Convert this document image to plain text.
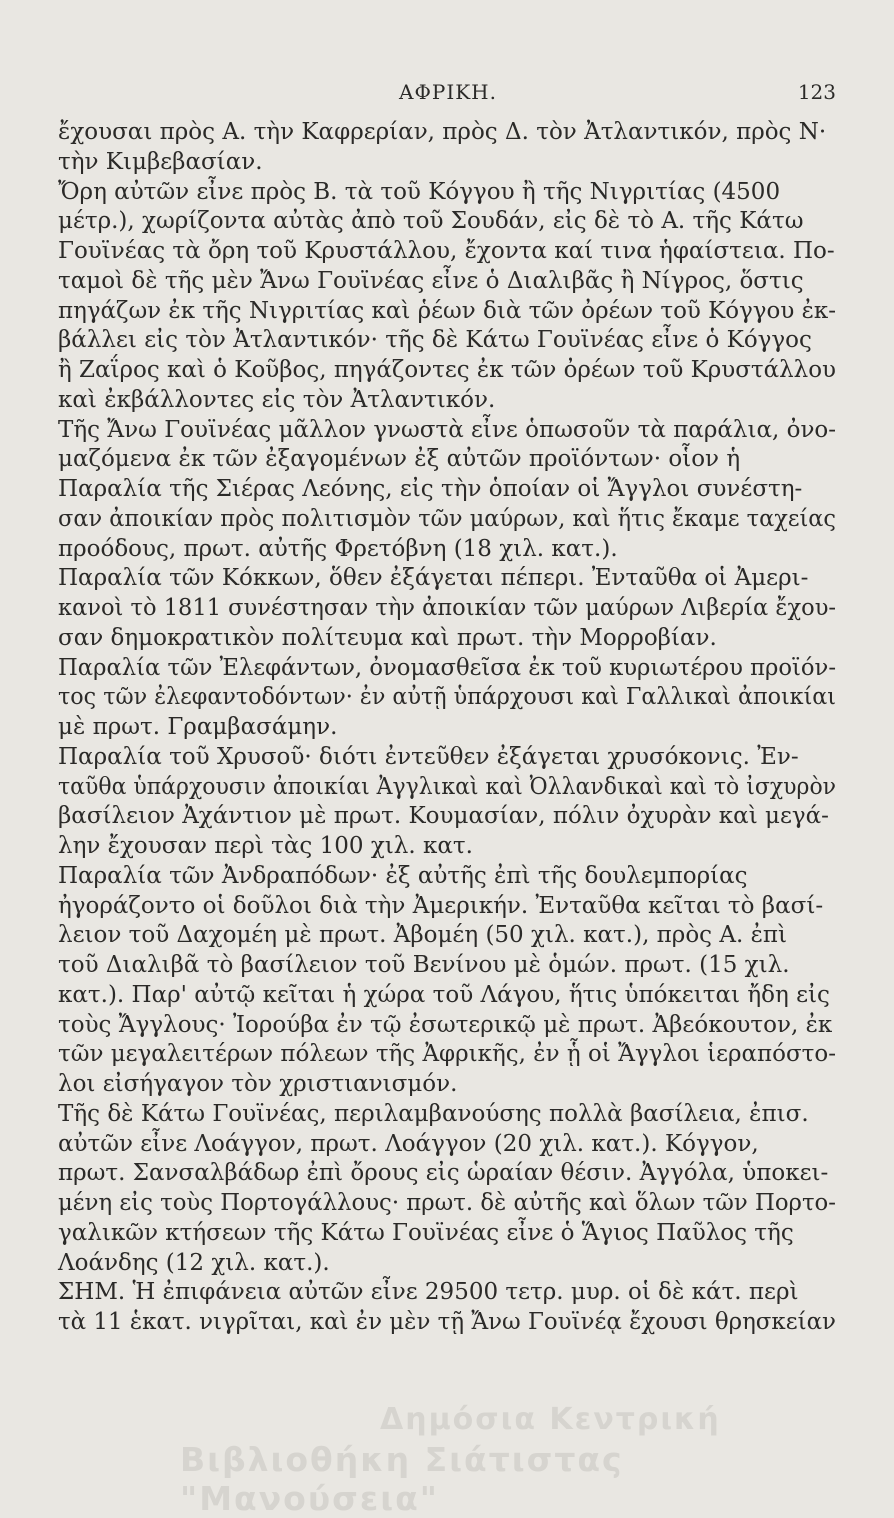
ΑΦΡΙΚΗ.	123
ἔχουσαι πρὸς Α. τὴν Καφρερίαν, πρὸς Δ. τὸν Ἀτλαντικόν, πρὸς Ν·
τὴν Κιμβεβασίαν.
Ὄρη αὐτῶν εἶνε πρὸς Β. τὰ τοῦ Κόγγου ἢ τῆς Νιγριτίας (4500
μέτρ.), χωρίζοντα αὐτὰς ἀπὸ τοῦ Σουδάν, εἰς δὲ τὸ Α. τῆς Κάτω
Γουϊνέας τὰ ὄρη τοῦ Κρυστάλλου, ἔχοντα καί τινα ἡφαίστεια. Πο-
ταμοὶ δὲ τῆς μὲν Ἄνω Γουϊνέας εἶνε ὁ Διαλιβᾶς ἢ Νίγρος, ὅστις
πηγάζων ἐκ τῆς Νιγριτίας καὶ ῥέων διὰ τῶν ὀρέων τοῦ Κόγγου ἐκ-
βάλλει εἰς τὸν Ἀτλαντικόν· τῆς δὲ Κάτω Γουϊνέας εἶνε ὁ Κόγγος
ἢ Ζαΐρος καὶ ὁ Κοῦβος, πηγάζοντες ἐκ τῶν ὀρέων τοῦ Κρυστάλλου
καὶ ἐκβάλλοντες εἰς τὸν Ἀτλαντικόν.
Τῆς Ἄνω Γουϊνέας μᾶλλον γνωστὰ εἶνε ὁπωσοῦν τὰ παράλια, ὀνο-
μαζόμενα ἐκ τῶν ἐξαγομένων ἐξ αὐτῶν προϊόντων· οἷον ἡ
Παραλία τῆς Σιέρας Λεόνης, εἰς τὴν ὁποίαν οἱ Ἄγγλοι συνέστη-
σαν ἀποικίαν πρὸς πολιτισμὸν τῶν μαύρων, καὶ ἥτις ἔκαμε ταχείας
προόδους, πρωτ. αὐτῆς Φρετόβνη (18 χιλ. κατ.).
Παραλία τῶν Κόκκων, ὅθεν ἐξάγεται πέπερι. Ἐνταῦθα οἱ Ἀμερι-
κανοὶ τὸ 1811 συνέστησαν τὴν ἀποικίαν τῶν μαύρων Λιβερία ἔχου-
σαν δημοκρατικὸν πολίτευμα καὶ πρωτ. τὴν Μορροβίαν.
Παραλία τῶν Ἐλεφάντων, ὀνομασθεῖσα ἐκ τοῦ κυριωτέρου προϊόν-
τος τῶν ἐλεφαντοδόντων· ἐν αὐτῇ ὑπάρχουσι καὶ Γαλλικαὶ ἀποικίαι
μὲ πρωτ. Γραμβασάμην.
Παραλία τοῦ Χρυσοῦ· διότι ἐντεῦθεν ἐξάγεται χρυσόκονις. Ἐν-
ταῦθα ὑπάρχουσιν ἀποικίαι Ἀγγλικαὶ καὶ Ὀλλανδικαὶ καὶ τὸ ἰσχυρὸν
βασίλειον Ἀχάντιον μὲ πρωτ. Κουμασίαν, πόλιν ὀχυρὰν καὶ μεγά-
λην ἔχουσαν περὶ τὰς 100 χιλ. κατ.
Παραλία τῶν Ἀνδραπόδων· ἐξ αὐτῆς ἐπὶ τῆς δουλεμπορίας
ἠγοράζοντο οἱ δοῦλοι διὰ τὴν Ἀμερικήν. Ἐνταῦθα κεῖται τὸ βασί-
λειον τοῦ Δαχομέη μὲ πρωτ. Ἀβομέη (50 χιλ. κατ.), πρὸς Α. ἐπὶ
τοῦ Διαλιβᾶ τὸ βασίλειον τοῦ Βενίνου μὲ ὁμών. πρωτ. (15 χιλ.
κατ.). Παρ' αὐτῷ κεῖται ἡ χώρα τοῦ Λάγου, ἥτις ὑπόκειται ἤδη εἰς
τοὺς Ἄγγλους· Ἰορούβα ἐν τῷ ἐσωτερικῷ μὲ πρωτ. Ἀβεόκουτον, ἐκ
τῶν μεγαλειτέρων πόλεων τῆς Ἀφρικῆς, ἐν ᾗ οἱ Ἄγγλοι ἱεραπόστο-
λοι εἰσήγαγον τὸν χριστιανισμόν.
Τῆς δὲ Κάτω Γουϊνέας, περιλαμβανούσης πολλὰ βασίλεια, ἐπισ.
αὐτῶν εἶνε Λοάγγον, πρωτ. Λοάγγον (20 χιλ. κατ.). Κόγγον,
πρωτ. Σανσαλβάδωρ ἐπὶ ὄρους εἰς ὡραίαν θέσιν. Ἀγγόλα, ὑποκει-
μένη εἰς τοὺς Πορτογάλλους· πρωτ. δὲ αὐτῆς καὶ ὅλων τῶν Πορτο-
γαλικῶν κτήσεων τῆς Κάτω Γουϊνέας εἶνε ὁ Ἅγιος Παῦλος τῆς
Λοάνδης (12 χιλ. κατ.).
ΣΗΜ. Ἡ ἐπιφάνεια αὐτῶν εἶνε 29500 τετρ. μυρ. οἱ δὲ κάτ. περὶ
τὰ 11 ἑκατ. νιγρῖται, καὶ ἐν μὲν τῇ Ἄνω Γουϊνέᾳ ἔχουσι θρησκείαν
Δημόσια Κεντρική
Βιβλιοθήκη Σιάτιστας "Μανούσεια"
